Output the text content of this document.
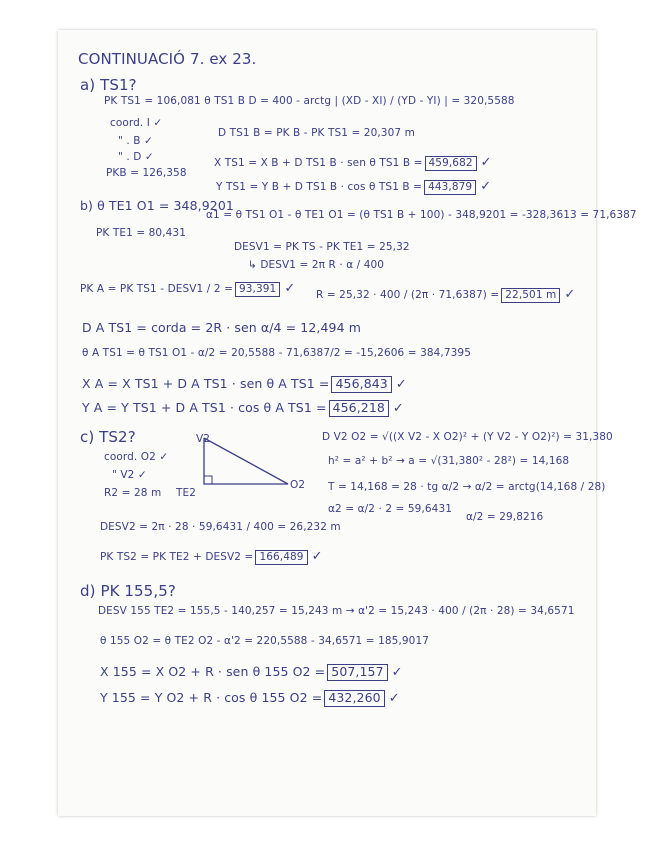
CONTINUACIÓ 7. ex 23.
a) TS1?
PK TS1 = 106,081 θ TS1 B D = 400 - arctg | (XD - XI) / (YD - YI) | = 320,5588
coord. I ✓
" . B ✓
D TS1 B = PK B - PK TS1 = 20,307 m
" . D ✓
PKB = 126,358
X TS1 = X B + D TS1 B · sen θ TS1 B = 459,682 ✓
Y TS1 = Y B + D TS1 B · cos θ TS1 B = 443,879 ✓
b) θ TE1 O1 = 348,9201
α1 = θ TS1 O1 - θ TE1 O1 = (θ TS1 B + 100) - 348,9201 = -328,3613 = 71,6387
PK TE1 = 80,431
DESV1 = PK TS - PK TE1 = 25,32
↳ DESV1 = 2π R · α / 400
PK A = PK TS1 - DESV1 / 2 = 93,391 ✓ R = 25,32 · 400 / (2π · 71,6387) = 22,501 m ✓
D A TS1 = corda = 2R · sen α/4 = 12,494 m
θ A TS1 = θ TS1 O1 - α/2 = 20,5588 - 71,6387/2 = -15,2606 = 384,7395
X A = X TS1 + D A TS1 · sen θ A TS1 = 456,843 ✓
Y A = Y TS1 + D A TS1 · cos θ A TS1 = 456,218 ✓
c) TS2?
coord. O2 ✓
" V2 ✓
R2 = 28 m
V2
TE2
O2
D V2 O2 = √((X V2 - X O2)² + (Y V2 - Y O2)²) = 31,380
h² = a² + b² → a = √(31,380² - 28²) = 14,168
T = 14,168 = 28 · tg α/2 → α/2 = arctg(14,168 / 28)
α2 = α/2 · 2 = 59,6431
α/2 = 29,8216
DESV2 = 2π · 28 · 59,6431 / 400 = 26,232 m
PK TS2 = PK TE2 + DESV2 = 166,489 ✓
d) PK 155,5?
DESV 155 TE2 = 155,5 - 140,257 = 15,243 m → α'2 = 15,243 · 400 / (2π · 28) = 34,6571
θ 155 O2 = θ TE2 O2 - α'2 = 220,5588 - 34,6571 = 185,9017
X 155 = X O2 + R · sen θ 155 O2 = 507,157 ✓
Y 155 = Y O2 + R · cos θ 155 O2 = 432,260 ✓
